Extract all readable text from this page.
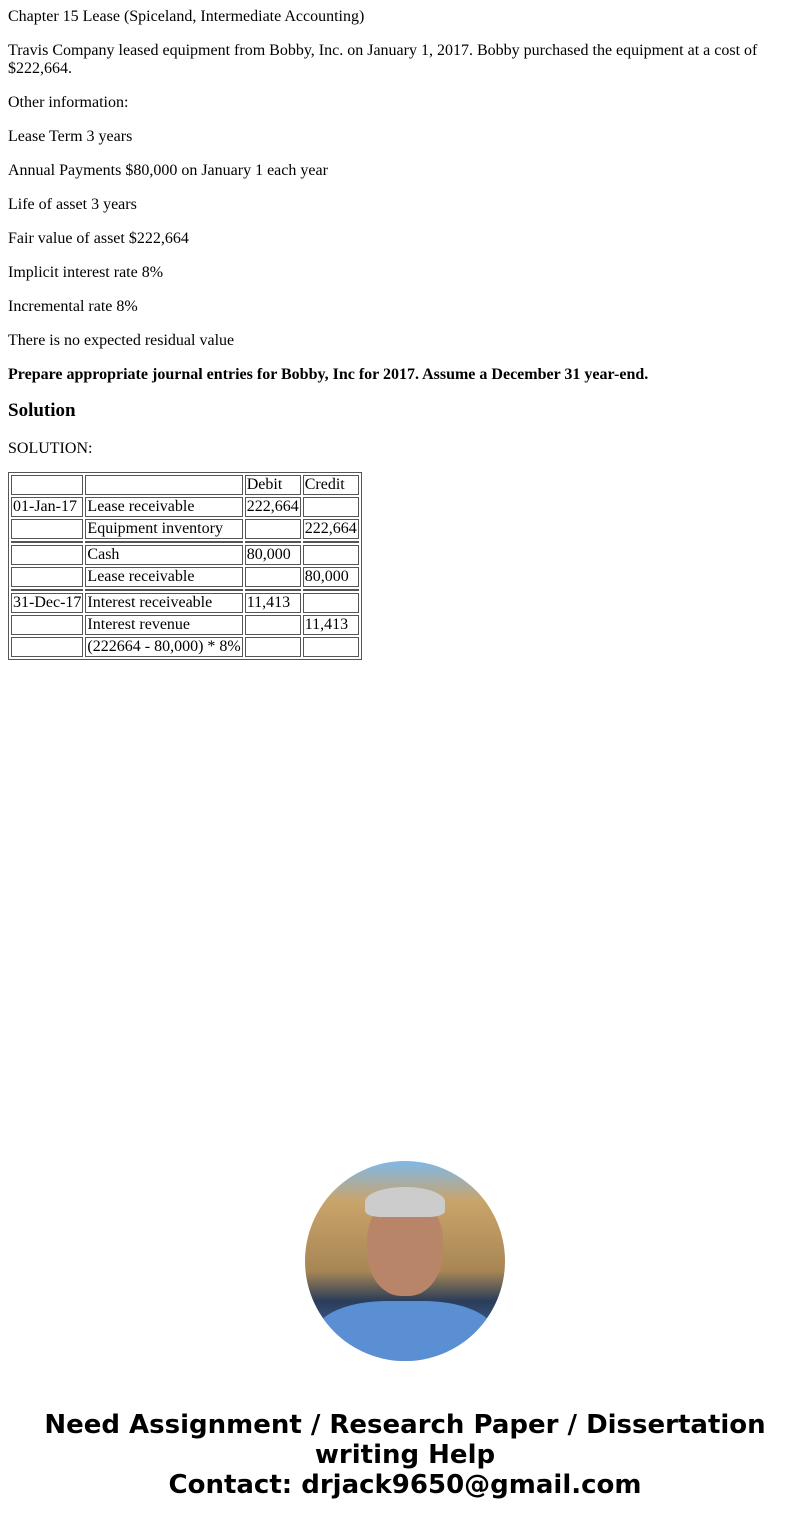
Chapter 15 Lease (Spiceland, Intermediate Accounting)

Travis Company leased equipment from Bobby, Inc. on January 1, 2017. Bobby purchased the equipment at a cost of $222,664.

Other information:

Lease Term 3 years

Annual Payments $80,000 on January 1 each year

Life of asset 3 years

Fair value of asset $222,664

Implicit interest rate 8%

Incremental rate 8%

There is no expected residual value

Prepare appropriate journal entries for Bobby, Inc for 2017. Assume a December 31 year-end.

Solution

SOLUTION:

		Debit	Credit
01-Jan-17	Lease receivable	222,664	
	Equipment inventory		222,664

	Cash	80,000	
	Lease receivable		80,000

31-Dec-17	Interest receiveable	11,413	
	Interest revenue		11,413
	(222664 - 80,000) * 8%		
Need Assignment / Research Paper / Dissertation
writing Help
Contact: drjack9650@gmail.com
